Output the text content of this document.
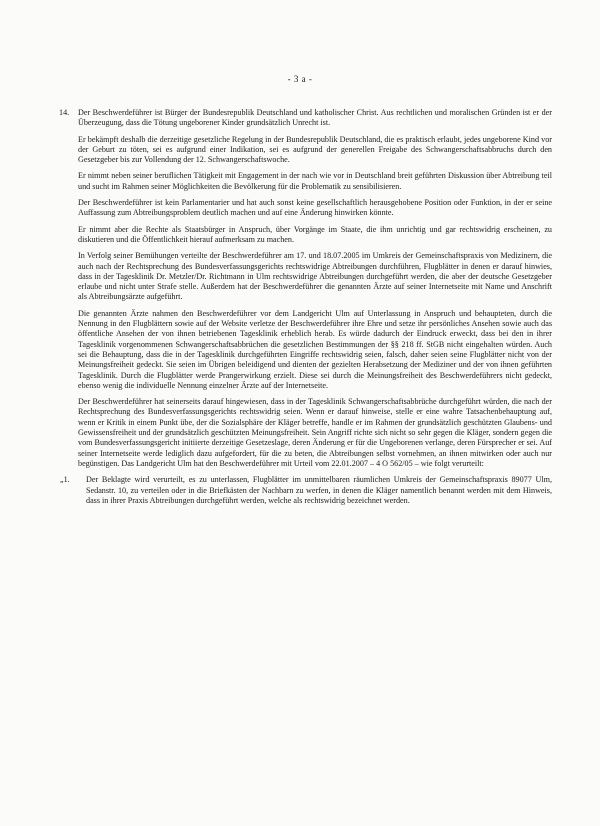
- 3 a -
14. Der Beschwerdeführer ist Bürger der Bundesrepublik Deutschland und katholischer Christ. Aus rechtlichen und moralischen Gründen ist er der Überzeugung, dass die Tötung ungeborener Kinder grundsätzlich Unrecht ist.

Er bekämpft deshalb die derzeitige gesetzliche Regelung in der Bundesrepublik Deutschland, die es praktisch erlaubt, jedes ungeborene Kind vor der Geburt zu töten, sei es aufgrund einer Indikation, sei es aufgrund der generellen Freigabe des Schwangerschaftsabbruchs durch den Gesetzgeber bis zur Vollendung der 12. Schwangerschaftswoche.

Er nimmt neben seiner beruflichen Tätigkeit mit Engagement in der nach wie vor in Deutschland breit geführten Diskussion über Abtreibung teil und sucht im Rahmen seiner Möglichkeiten die Bevölkerung für die Problematik zu sensibilisieren.

Der Beschwerdeführer ist kein Parlamentarier und hat auch sonst keine gesellschaftlich herausgehobene Position oder Funktion, in der er seine Auffassung zum Abtreibungsproblem deutlich machen und auf eine Änderung hinwirken könnte.

Er nimmt aber die Rechte als Staatsbürger in Anspruch, über Vorgänge im Staate, die ihm unrichtig und gar rechtswidrig erscheinen, zu diskutieren und die Öffentlichkeit hierauf aufmerksam zu machen.

In Verfolg seiner Bemühungen verteilte der Beschwerdeführer am 17. und 18.07.2005 im Umkreis der Gemeinschaftspraxis von Medizinern, die auch nach der Rechtsprechung des Bundesverfassungsgerichts rechtswidrige Abtreibungen durchführen, Flugblätter in denen er darauf hinwies, dass in der Tagesklinik Dr. Metzler/Dr. Richtmann in Ulm rechtswidrige Abtreibungen durchgeführt werden, die aber der deutsche Gesetzgeber erlaube und nicht unter Strafe stelle. Außerdem hat der Beschwerdeführer die genannten Ärzte auf seiner Internetseite mit Name und Anschrift als Abtreibungsärzte aufgeführt.

Die genannten Ärzte nahmen den Beschwerdeführer vor dem Landgericht Ulm auf Unterlassung in Anspruch und behaupteten, durch die Nennung in den Flugblättern sowie auf der Website verletze der Beschwerdeführer ihre Ehre und setze ihr persönliches Ansehen sowie auch das öffentliche Ansehen der von ihnen betriebenen Tagesklinik erheblich herab. Es würde dadurch der Eindruck erweckt, dass bei den in ihrer Tagesklinik vorgenommenen Schwangerschaftsabbrüchen die gesetzlichen Bestimmungen der §§ 218 ff. StGB nicht eingehalten würden. Auch sei die Behauptung, dass die in der Tagesklinik durchgeführten Eingriffe rechtswidrig seien, falsch, daher seien seine Flugblätter nicht von der Meinungsfreiheit gedeckt. Sie seien im Übrigen beleidigend und dienten der gezielten Herabsetzung der Mediziner und der von ihnen geführten Tagesklinik. Durch die Flugblätter werde Prangerwirkung erzielt. Diese sei durch die Meinungsfreiheit des Beschwerdeführers nicht gedeckt, ebenso wenig die individuelle Nennung einzelner Ärzte auf der Internetseite.

Der Beschwerdeführer hat seinerseits darauf hingewiesen, dass in der Tagesklinik Schwangerschaftsabbrüche durchgeführt würden, die nach der Rechtsprechung des Bundesverfassungsgerichts rechtswidrig seien. Wenn er darauf hinweise, stelle er eine wahre Tatsachenbehauptung auf, wenn er Kritik in einem Punkt übe, der die Sozialsphäre der Kläger betreffe, handle er im Rahmen der grundsätzlich geschützten Glaubens- und Gewissensfreiheit und der grundsätzlich geschützten Meinungsfreiheit. Sein Angriff richte sich nicht so sehr gegen die Kläger, sondern gegen die vom Bundesverfassungsgericht initiierte derzeitige Gesetzeslage, deren Änderung er für die Ungeborenen verlange, deren Fürsprecher er sei. Auf seiner Internetseite werde lediglich dazu aufgefordert, für die zu beten, die Abtreibungen selbst vornehmen, an ihnen mitwirken oder auch nur begünstigen. Das Landgericht Ulm hat den Beschwerdeführer mit Urteil vom 22.01.2007 – 4 O 562/05 – wie folgt verurteilt:

„1.	Der Beklagte wird verurteilt, es zu unterlassen, Flugblätter im unmittelbaren räumlichen Umkreis der Gemeinschaftspraxis 89077 Ulm, Sedanstr. 10, zu verteilen oder in die Briefkästen der Nachbarn zu werfen, in denen die Kläger namentlich benannt werden mit dem Hinweis, dass in ihrer Praxis Abtreibungen durchgeführt werden, welche als rechtswidrig bezeichnet werden.
